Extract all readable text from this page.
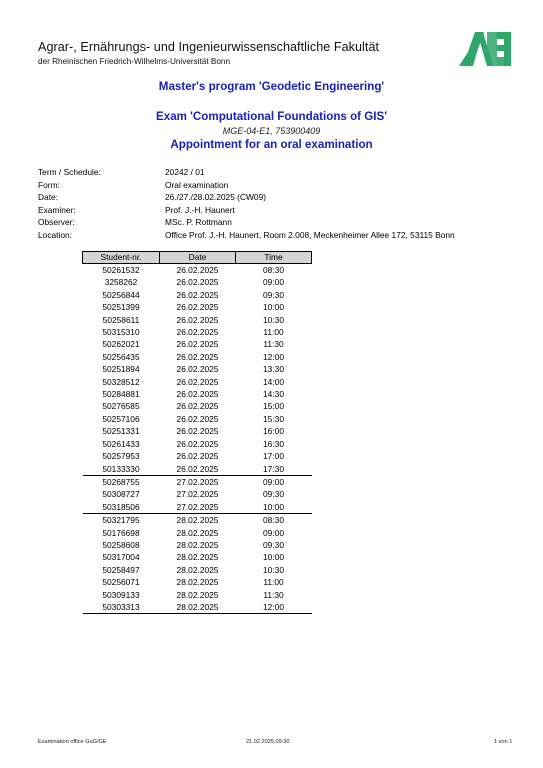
Agrar-, Ernährungs- und Ingenieurwissenschaftliche Fakultät
der Rheinischen Friedrich-Wilhelms-Universität Bonn
Master's program 'Geodetic Engineering'
Exam 'Computational Foundations of GIS'
MGE-04-E1, 753900409
Appointment for an oral examination
Term / Schedule:	20242 / 01
Form:	Oral examination
Date:	26./27./28.02.2025 (CW09)
Examiner:	Prof. J.-H. Haunert
Observer:	MSc. P. Rottmann
Location:	Office Prof. J.-H. Haunert, Room 2.008, Meckenheimer Allee 172, 53115 Bonn
Student-nr.	Date	Time
50261532	26.02.2025	08:30
3258262	26.02.2025	09:00
50256844	26.02.2025	09:30
50251399	26.02.2025	10:00
50258611	26.02.2025	10:30
50315310	26.02.2025	11:00
50262021	26.02.2025	11:30
50256435	26.02.2025	12:00
50251894	26.02.2025	13:30
50328512	26.02.2025	14:00
50284881	26.02.2025	14:30
50276585	26.02.2025	15:00
50257106	26.02.2025	15:30
50251331	26.02.2025	16:00
50261433	26.02.2025	16:30
50257953	26.02.2025	17:00
50133330	26.02.2025	17:30
50268755	27.02.2025	09:00
50308727	27.02.2025	09:30
50318506	27.02.2025	10:00
50321795	28.02.2025	08:30
50176698	28.02.2025	09:00
50258608	28.02.2025	09:30
50317004	28.02.2025	10:00
50258497	28.02.2025	10:30
50256071	28.02.2025	11:00
50309133	28.02.2025	11:30
50303313	28.02.2025	12:00
Examination office GuG/GE	21.02.2025,09:30	1 von 1
